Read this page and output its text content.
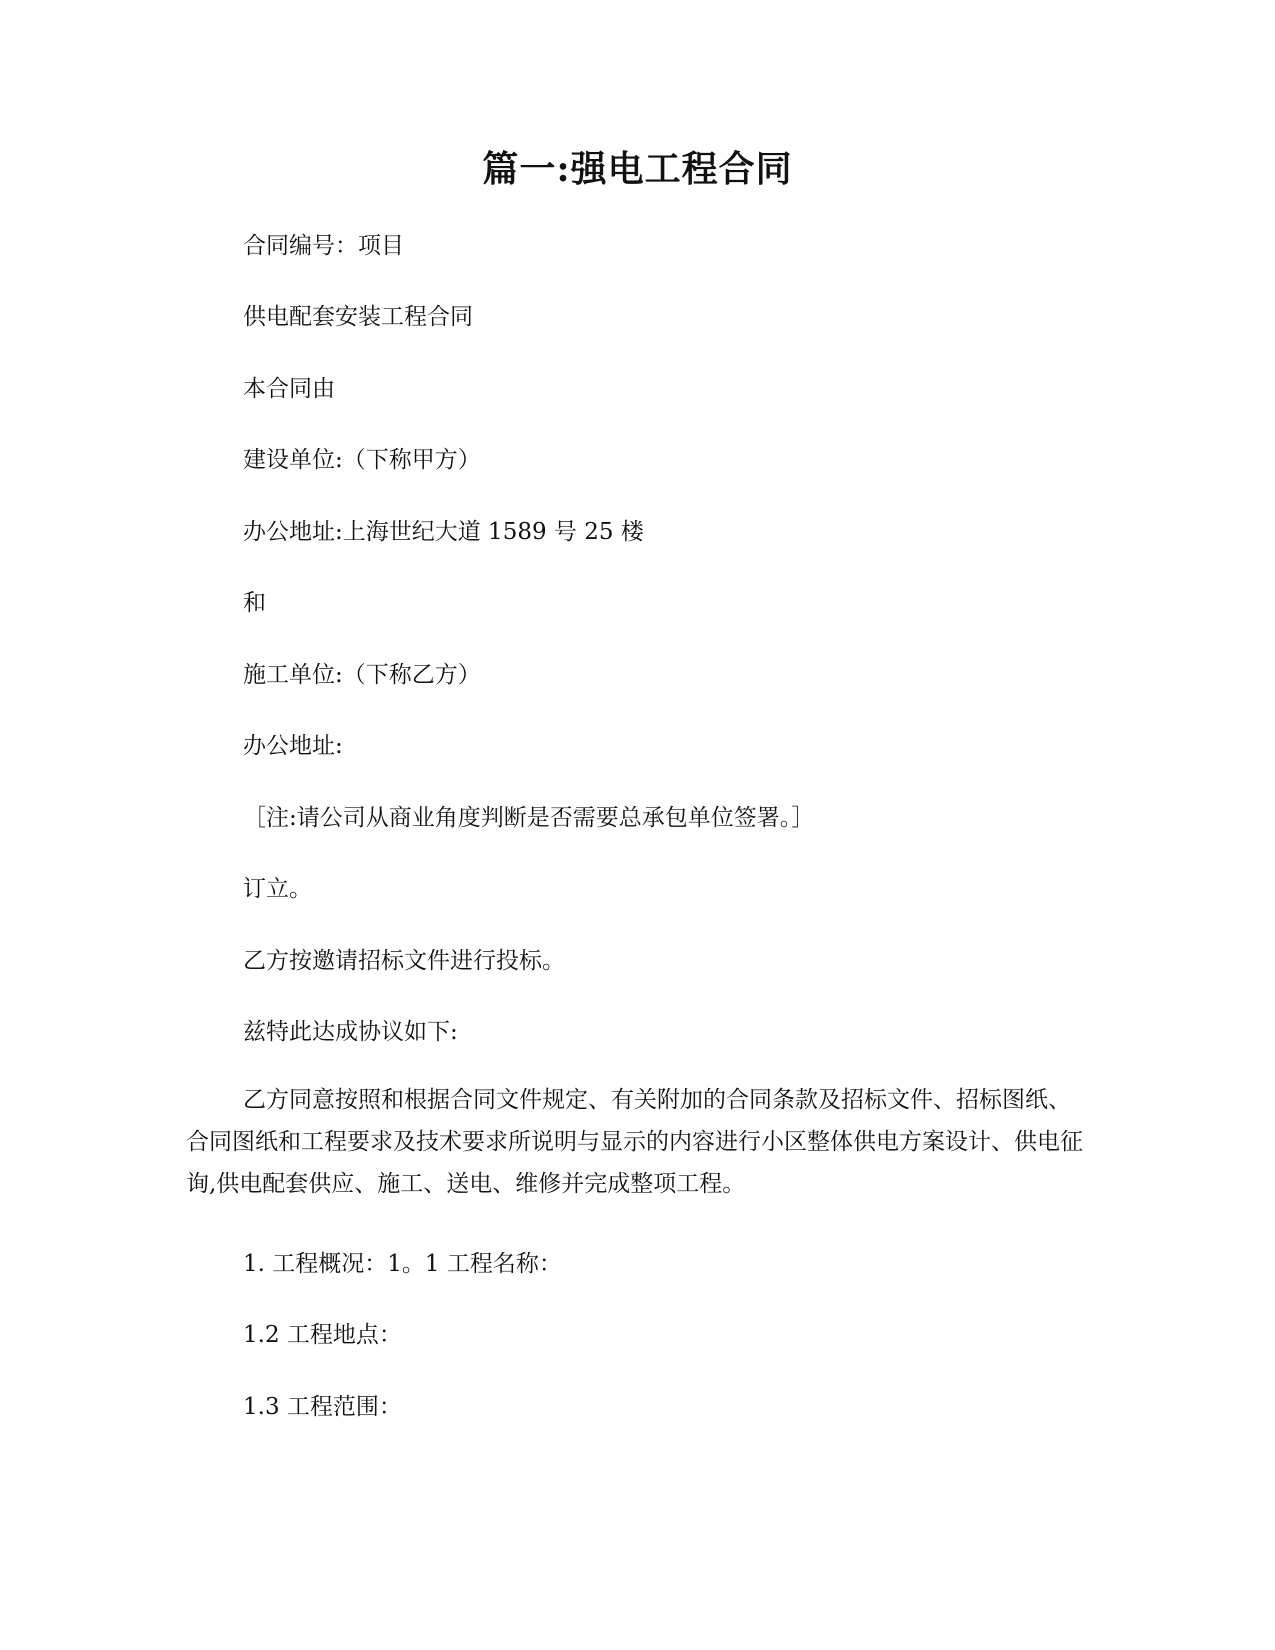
篇一:强电工程合同

合同编号：项目

供电配套安装工程合同

本合同由

建设单位:（下称甲方）

办公地址:上海世纪大道 1589 号 25 楼

和

施工单位:（下称乙方）

办公地址:

［注:请公司从商业角度判断是否需要总承包单位签署。］

订立。

乙方按邀请招标文件进行投标。

兹特此达成协议如下:

乙方同意按照和根据合同文件规定、有关附加的合同条款及招标文件、招标图纸、合同图纸和工程要求及技术要求所说明与显示的内容进行小区整体供电方案设计、供电征询,供电配套供应、施工、送电、维修并完成整项工程。

1. 工程概况：1。1 工程名称：

1.2 工程地点：

1.3 工程范围：
